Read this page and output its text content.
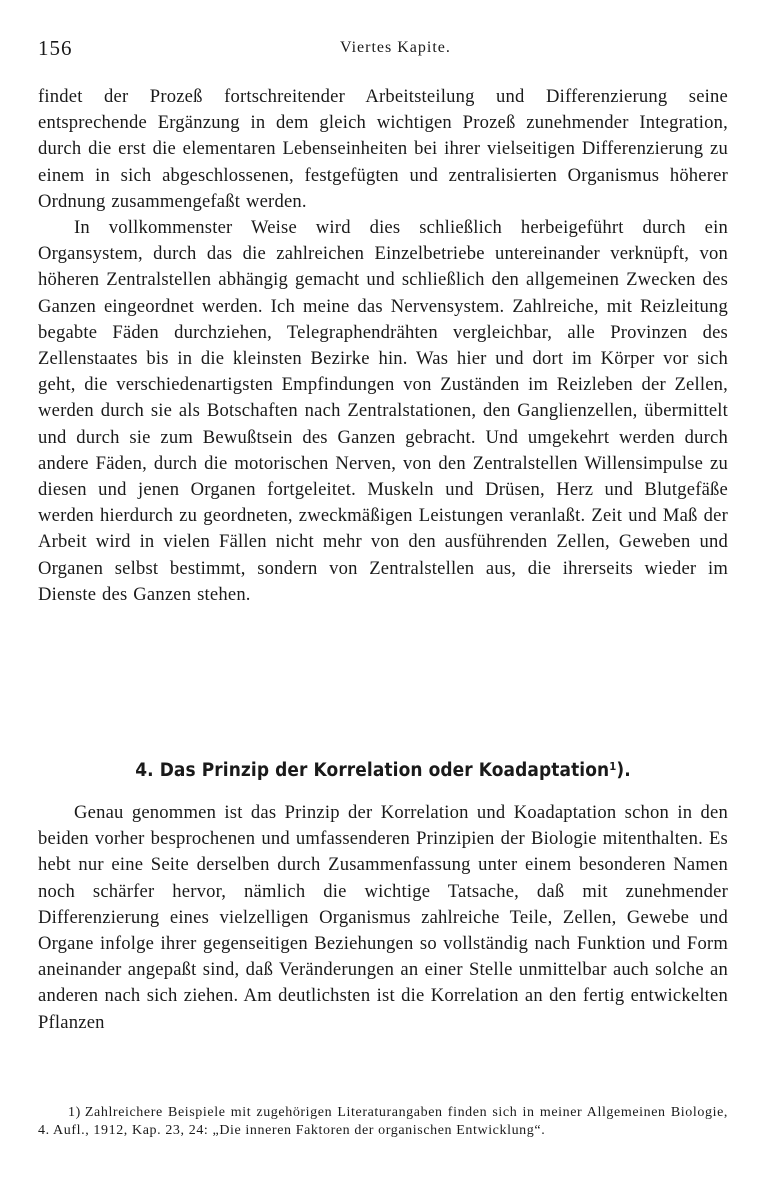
156	Viertes Kapite.

findet der Prozeß fortschreitender Arbeitsteilung und Differenzierung seine entsprechende Ergänzung in dem gleich wichtigen Prozeß zunehmender Integration, durch die erst die elementaren Lebenseinheiten bei ihrer vielseitigen Differenzierung zu einem in sich abgeschlossenen, festgefügten und zentralisierten Organismus höherer Ordnung zusammengefaßt werden.

In vollkommenster Weise wird dies schließlich herbeigeführt durch ein Organsystem, durch das die zahlreichen Einzelbetriebe untereinander verknüpft, von höheren Zentralstellen abhängig gemacht und schließlich den allgemeinen Zwecken des Ganzen eingeordnet werden. Ich meine das Nervensystem. Zahlreiche, mit Reizleitung begabte Fäden durchziehen, Telegraphendrähten vergleichbar, alle Provinzen des Zellenstaates bis in die kleinsten Bezirke hin. Was hier und dort im Körper vor sich geht, die verschiedenartigsten Empfindungen von Zuständen im Reizleben der Zellen, werden durch sie als Botschaften nach Zentralstationen, den Ganglienzellen, übermittelt und durch sie zum Bewußtsein des Ganzen gebracht. Und umgekehrt werden durch andere Fäden, durch die motorischen Nerven, von den Zentralstellen Willensimpulse zu diesen und jenen Organen fortgeleitet. Muskeln und Drüsen, Herz und Blutgefäße werden hierdurch zu geordneten, zweckmäßigen Leistungen veranlaßt. Zeit und Maß der Arbeit wird in vielen Fällen nicht mehr von den ausführenden Zellen, Geweben und Organen selbst bestimmt, sondern von Zentralstellen aus, die ihrerseits wieder im Dienste des Ganzen stehen.

4. Das Prinzip der Korrelation oder Koadaptation$^1$).

Genau genommen ist das Prinzip der Korrelation und Koadaptation schon in den beiden vorher besprochenen und umfassenderen Prinzipien der Biologie mitenthalten. Es hebt nur eine Seite derselben durch Zusammenfassung unter einem besonderen Namen noch schärfer hervor, nämlich die wichtige Tatsache, daß mit zunehmender Differenzierung eines vielzelligen Organismus zahlreiche Teile, Zellen, Gewebe und Organe infolge ihrer gegenseitigen Beziehungen so vollständig nach Funktion und Form aneinander angepaßt sind, daß Veränderungen an einer Stelle unmittelbar auch solche an anderen nach sich ziehen. Am deutlichsten ist die Korrelation an den fertig entwickelten Pflanzen

1) Zahlreichere Beispiele mit zugehörigen Literaturangaben finden sich in meiner Allgemeinen Biologie, 4. Aufl., 1912, Kap. 23, 24: „Die inneren Faktoren der organischen Entwicklung“.
